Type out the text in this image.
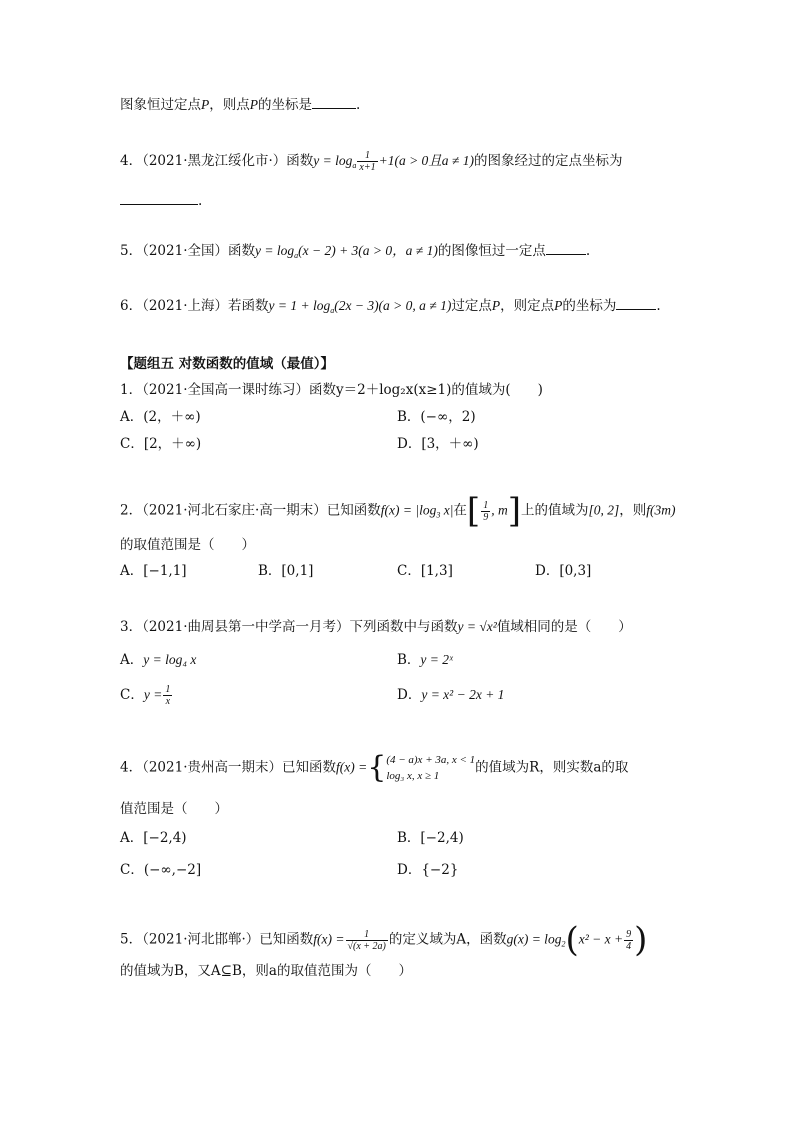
图象恒过定点P，则点P的坐标是	.
4．（2021·黑龙江绥化市·）函数$y = \log_a \frac{1}{x+1} +1(a > 0$且a ≠ 1)的图象经过的定点坐标为
.
5．（2021·全国）函数$y = \log_a(x - 2) + 3(a > 0$，a ≠ 1)的图像恒过一定点	.
6．（2021·上海）若函数$y = 1 + \log_a(2x - 3)(a > 0$, a ≠ 1)过定点P，则定点P的坐标为	.
【题组五 对数函数的值域（最值）】
1．（2021·全国高一课时练习）函数y＝2＋log₂x(x≥1)的值域为(　　)
A．(2，＋∞)	B．(−∞，2)
C．[2，＋∞)	D．[3，＋∞)
2．（2021·河北石家庄·高一期末）已知函数$f(x) = |\log_3$ x|在[ $\frac{1}{9}$ , m]上的值域为[0, 2]，则f(3m)
的取值范围是（　　）
A．[−1,1]	B．[0,1]	C．[1,3]	D．[0,3]
3．（2021·曲周县第一中学高一月考）下列函数中与函数y = √x²值域相同的是（　　）
A．y = log₄ x	B．y = 2ˣ
C．$y = \frac{1}{x}$	D．y = x² − 2x + 1
4．（2021·贵州高一期末）已知函数f(x) ={ (4 − a)x + 3a, x < 1
log₃ x, x ≥ 1
的值域为R，则实数a的取
值范围是（　　）
A．[−2,4)	B．[−2,4)
C．(−∞,−2]	D．{−2}
5．（2021·河北邯郸·）已知函数$f(x) = \frac{1}{√(x + 2a)}$ 的定义域为A，函数$g(x) = \log_2(x^2 - x + \frac{9}{4}$ )
的值域为B，又A⊆B，则a的取值范围为（　　）
